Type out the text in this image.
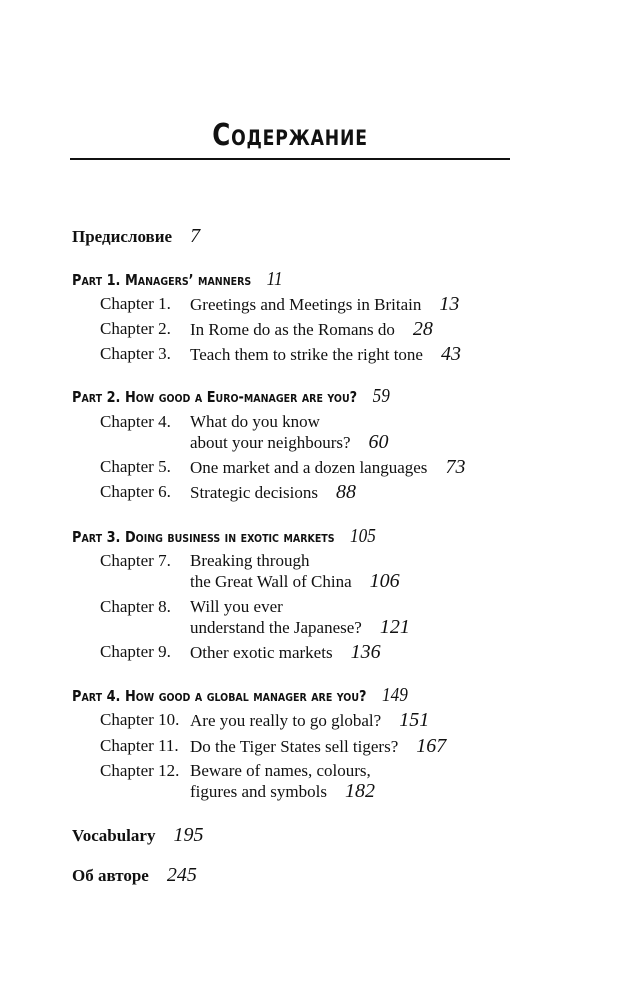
Содержание
Предисловие 7
Part 1. Managers’ manners 11
Chapter 1. Greetings and Meetings in Britain 13
Chapter 2. In Rome do as the Romans do 28
Chapter 3. Teach them to strike the right tone 43
Part 2. How good a Euro-manager are you? 59
Chapter 4. What do you know
about your neighbours? 60
Chapter 5. One market and a dozen languages 73
Chapter 6. Strategic decisions 88
Part 3. Doing business in exotic markets 105
Chapter 7. Breaking through
the Great Wall of China 106
Chapter 8. Will you ever
understand the Japanese? 121
Chapter 9. Other exotic markets 136
Part 4. How good a global manager are you? 149
Chapter 10. Are you really to go global? 151
Chapter 11. Do the Tiger States sell tigers? 167
Chapter 12. Beware of names, colours,
figures and symbols 182
Vocabulary 195
Об авторе 245
